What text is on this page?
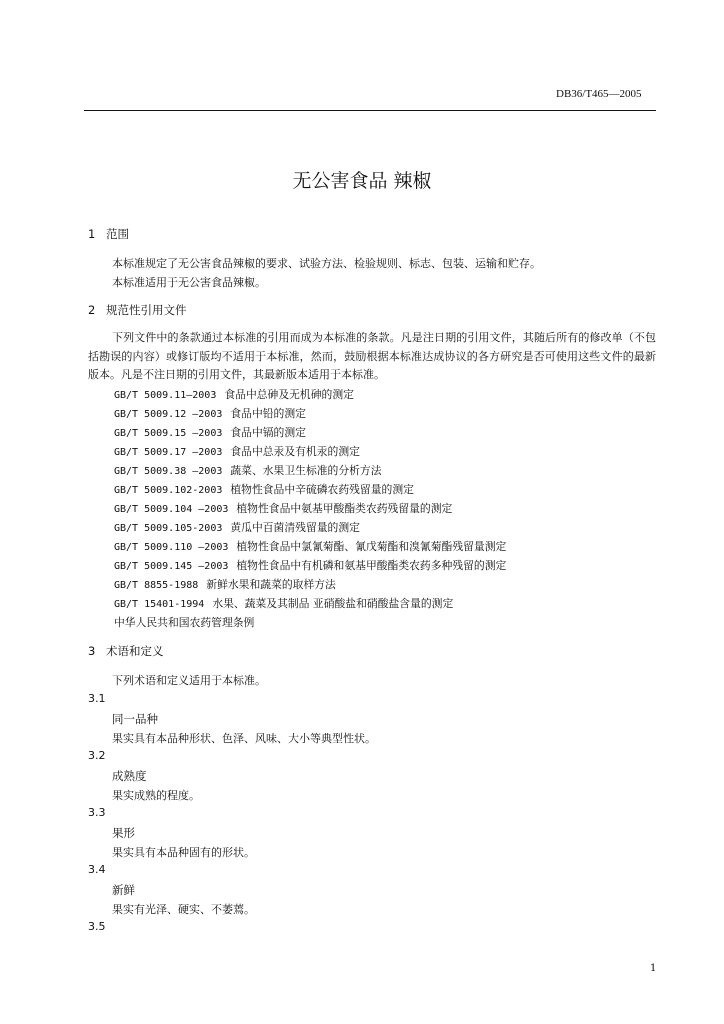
DB36/T465—2005
无公害食品 辣椒
1 范围
本标准规定了无公害食品辣椒的要求、试验方法、检验规则、标志、包装、运输和贮存。
本标准适用于无公害食品辣椒。
2 规范性引用文件
下列文件中的条款通过本标准的引用而成为本标准的条款。凡是注日期的引用文件，其随后所有的修改单（不包括勘误的内容）或修订版均不适用于本标准，然而，鼓励根据本标准达成协议的各方研究是否可使用这些文件的最新版本。凡是不注日期的引用文件，其最新版本适用于本标准。
GB/T 5009.11—2003 食品中总砷及无机砷的测定
GB/T 5009.12 —2003 食品中铅的测定
GB/T 5009.15 —2003 食品中镉的测定
GB/T 5009.17 —2003 食品中总汞及有机汞的测定
GB/T 5009.38 —2003 蔬菜、水果卫生标准的分析方法
GB/T 5009.102-2003 植物性食品中辛硫磷农药残留量的测定
GB/T 5009.104 —2003 植物性食品中氨基甲酸酯类农药残留量的测定
GB/T 5009.105-2003 黄瓜中百菌清残留量的测定
GB/T 5009.110 —2003 植物性食品中氯氰菊酯、氰戊菊酯和溴氰菊酯残留量测定
GB/T 5009.145 —2003 植物性食品中有机磷和氨基甲酸酯类农药多种残留的测定
GB/T 8855-1988 新鲜水果和蔬菜的取样方法
GB/T 15401-1994 水果、蔬菜及其制品 亚硝酸盐和硝酸盐含量的测定
中华人民共和国农药管理条例
3 术语和定义
下列术语和定义适用于本标准。
3.1
同一品种
果实具有本品种形状、色泽、风味、大小等典型性状。
3.2
成熟度
果实成熟的程度。
3.3
果形
果实具有本品种固有的形状。
3.4
新鲜
果实有光泽、硬实、不萎蔫。
3.5
1
